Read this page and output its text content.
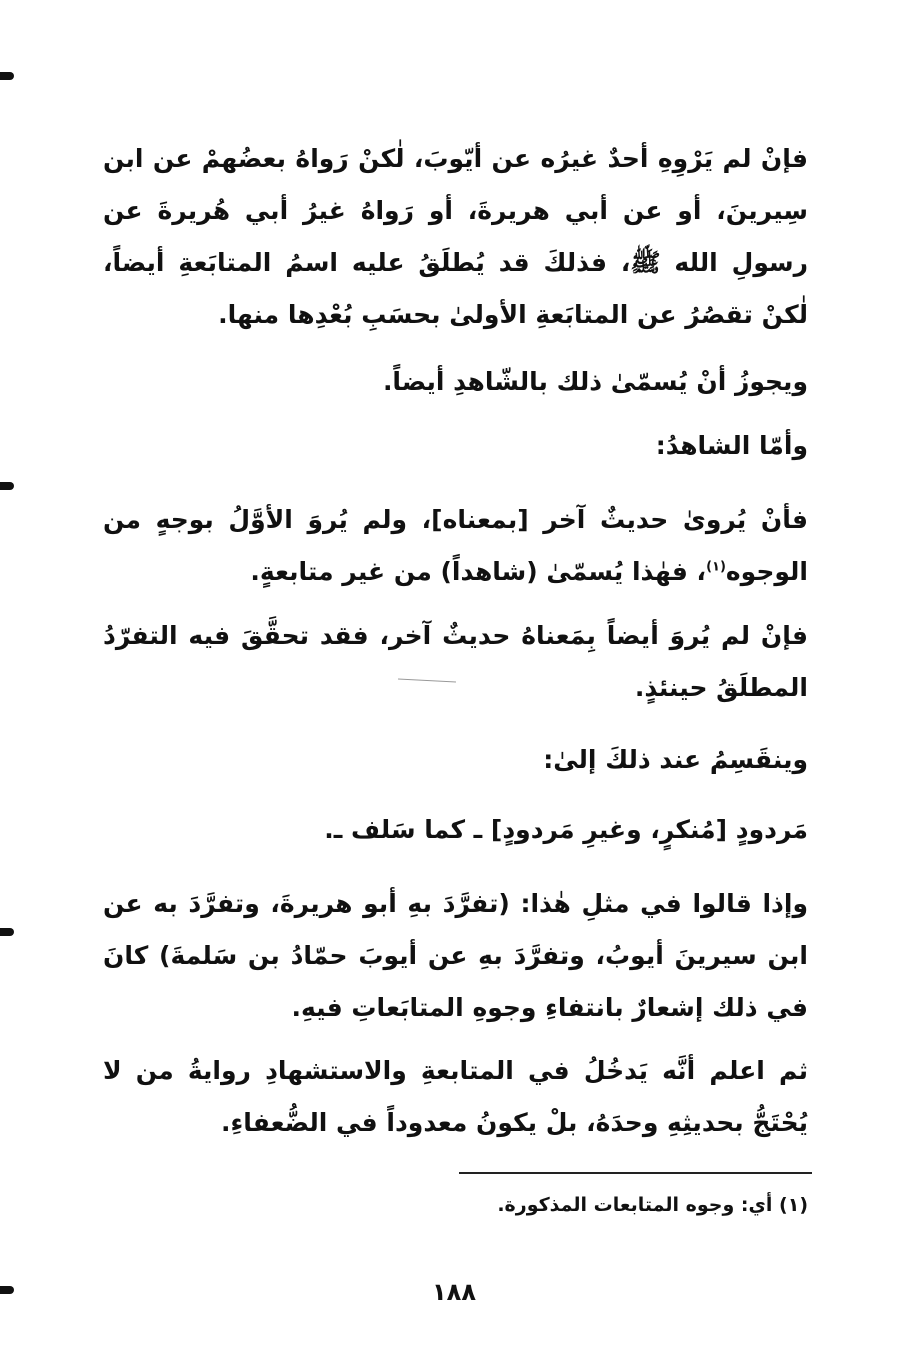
فإنْ لم يَرْوِهِ أحدٌ غيرُه عن أيّوبَ، لٰكنْ رَواهُ بعضُهمْ عن ابن سِيرينَ، أو عن أبي هريرةَ، أو رَواهُ غيرُ أبي هُريرةَ عن رسولِ الله ﷺ، فذلكَ قد يُطلَقُ عليه اسمُ المتابَعةِ أيضاً، لٰكنْ تقصُرُ عن المتابَعةِ الأولىٰ بحسَبِ بُعْدِها منها.

ويجوزُ أنْ يُسمّىٰ ذلك بالشّاهدِ أيضاً.

وأمّا الشاهدُ:

فأنْ يُروىٰ حديثٌ آخر [بمعناه]، ولم يُروَ الأوَّلُ بوجهٍ من الوجوه$^{(١)}$، فهٰذا يُسمّىٰ (شاهداً) من غير متابعةٍ.

فإنْ لم يُروَ أيضاً بِمَعناهُ حديثٌ آخر، فقد تحقَّقَ فيه التفرّدُ المطلَقُ حينئذٍ.

وينقَسِمُ عند ذلكَ إلىٰ:

مَردودٍ [مُنكرٍ، وغيرِ مَردودٍ] ـ كما سَلف ـ.

وإذا قالوا في مثلِ هٰذا: (تفرَّدَ بهِ أبو هريرةَ، وتفرَّدَ به عن ابن سيرينَ أيوبُ، وتفرَّدَ بهِ عن أيوبَ حمّادُ بن سَلمةَ) كانَ في ذلك إشعارٌ بانتفاءِ وجوهِ المتابَعاتِ فيهِ.

ثم اعلم أنَّه يَدخُلُ في المتابعةِ والاستشهادِ روايةُ من لا يُحْتَجُّ بحديثِهِ وحدَهُ، بلْ يكونُ معدوداً في الضُّعفاءِ.

(١) أي: وجوه المتابعات المذكورة.
١٨٨
